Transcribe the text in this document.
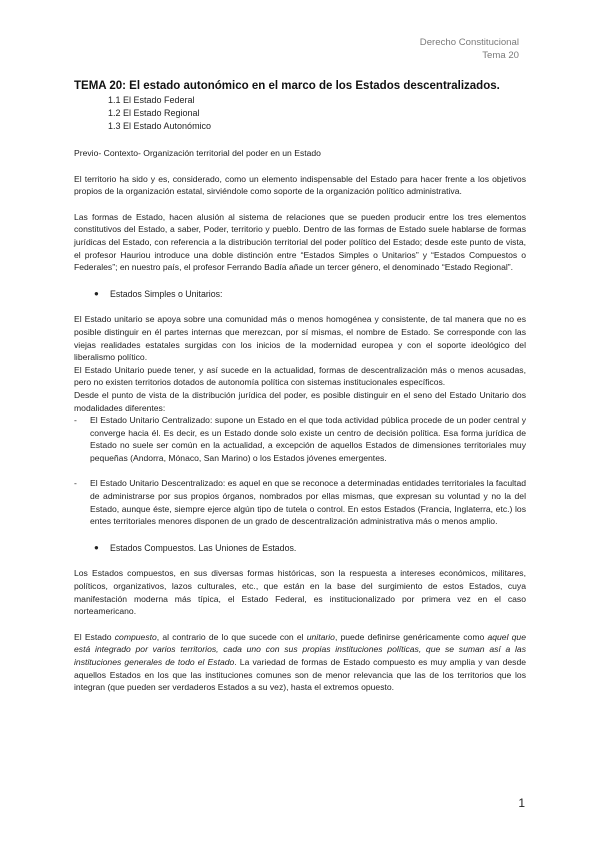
Derecho Constitucional
Tema 20
TEMA 20: El estado autonómico en el marco de los Estados descentralizados.
1.1 El Estado Federal
1.2 El Estado Regional
1.3 El Estado Autonómico

Previo- Contexto- Organización territorial del poder en un Estado

El territorio ha sido y es, considerado, como un elemento indispensable del Estado para hacer frente a los objetivos propios de la organización estatal, sirviéndole como soporte de la organización político administrativa.

Las formas de Estado, hacen alusión al sistema de relaciones que se pueden producir entre los tres elementos constitutivos del Estado, a saber, Poder, territorio y pueblo. Dentro de las formas de Estado suele hablarse de formas jurídicas del Estado, con referencia a la distribución territorial del poder político del Estado; desde este punto de vista, el profesor Hauriou introduce una doble distinción entre “Estados Simples o Unitarios” y “Estados Compuestos o Federales”; en nuestro país, el profesor Ferrando Badía añade un tercer género, el denominado “Estado Regional”.

●	Estados Simples o Unitarios:

El Estado unitario se apoya sobre una comunidad más o menos homogénea y consistente, de tal manera que no es posible distinguir en él partes internas que merezcan, por sí mismas, el nombre de Estado. Se corresponde con las viejas realidades estatales surgidas con los inicios de la modernidad europea y con el soporte ideológico del liberalismo político.

El Estado Unitario puede tener, y así sucede en la actualidad, formas de descentralización más o menos acusadas, pero no existen territorios dotados de autonomía política con sistemas institucionales específicos.

Desde el punto de vista de la distribución jurídica del poder, es posible distinguir en el seno del Estado Unitario dos modalidades diferentes:

-	El Estado Unitario Centralizado: supone un Estado en el que toda actividad pública procede de un poder central y converge hacia él. Es decir, es un Estado donde solo existe un centro de decisión política. Esa forma jurídica de Estado no suele ser común en la actualidad, a excepción de aquellos Estados de dimensiones territoriales muy pequeñas (Andorra, Mónaco, San Marino) o los Estados jóvenes emergentes.

-	El Estado Unitario Descentralizado: es aquel en que se reconoce a determinadas entidades territoriales la facultad de administrarse por sus propios órganos, nombrados por ellas mismas, que expresan su voluntad y no la del Estado, aunque éste, siempre ejerce algún tipo de tutela o control. En estos Estados (Francia, Inglaterra, etc.) los entes territoriales menores disponen de un grado de descentralización administrativa más o menos amplio.

●	Estados Compuestos. Las Uniones de Estados.

Los Estados compuestos, en sus diversas formas históricas, son la respuesta a intereses económicos, militares, políticos, organizativos, lazos culturales, etc., que están en la base del surgimiento de estos Estados, cuya manifestación moderna más típica, el Estado Federal, es institucionalizado por primera vez en el caso norteamericano.

El Estado compuesto, al contrario de lo que sucede con el unitario, puede definirse genéricamente como aquel que está integrado por varios territorios, cada uno con sus propias instituciones políticas, que se suman así a las instituciones generales de todo el Estado. La variedad de formas de Estado compuesto es muy amplia y van desde aquellos Estados en los que las instituciones comunes son de menor relevancia que las de los territorios que los integran (que pueden ser verdaderos Estados a su vez), hasta el extremos opuesto.

1
